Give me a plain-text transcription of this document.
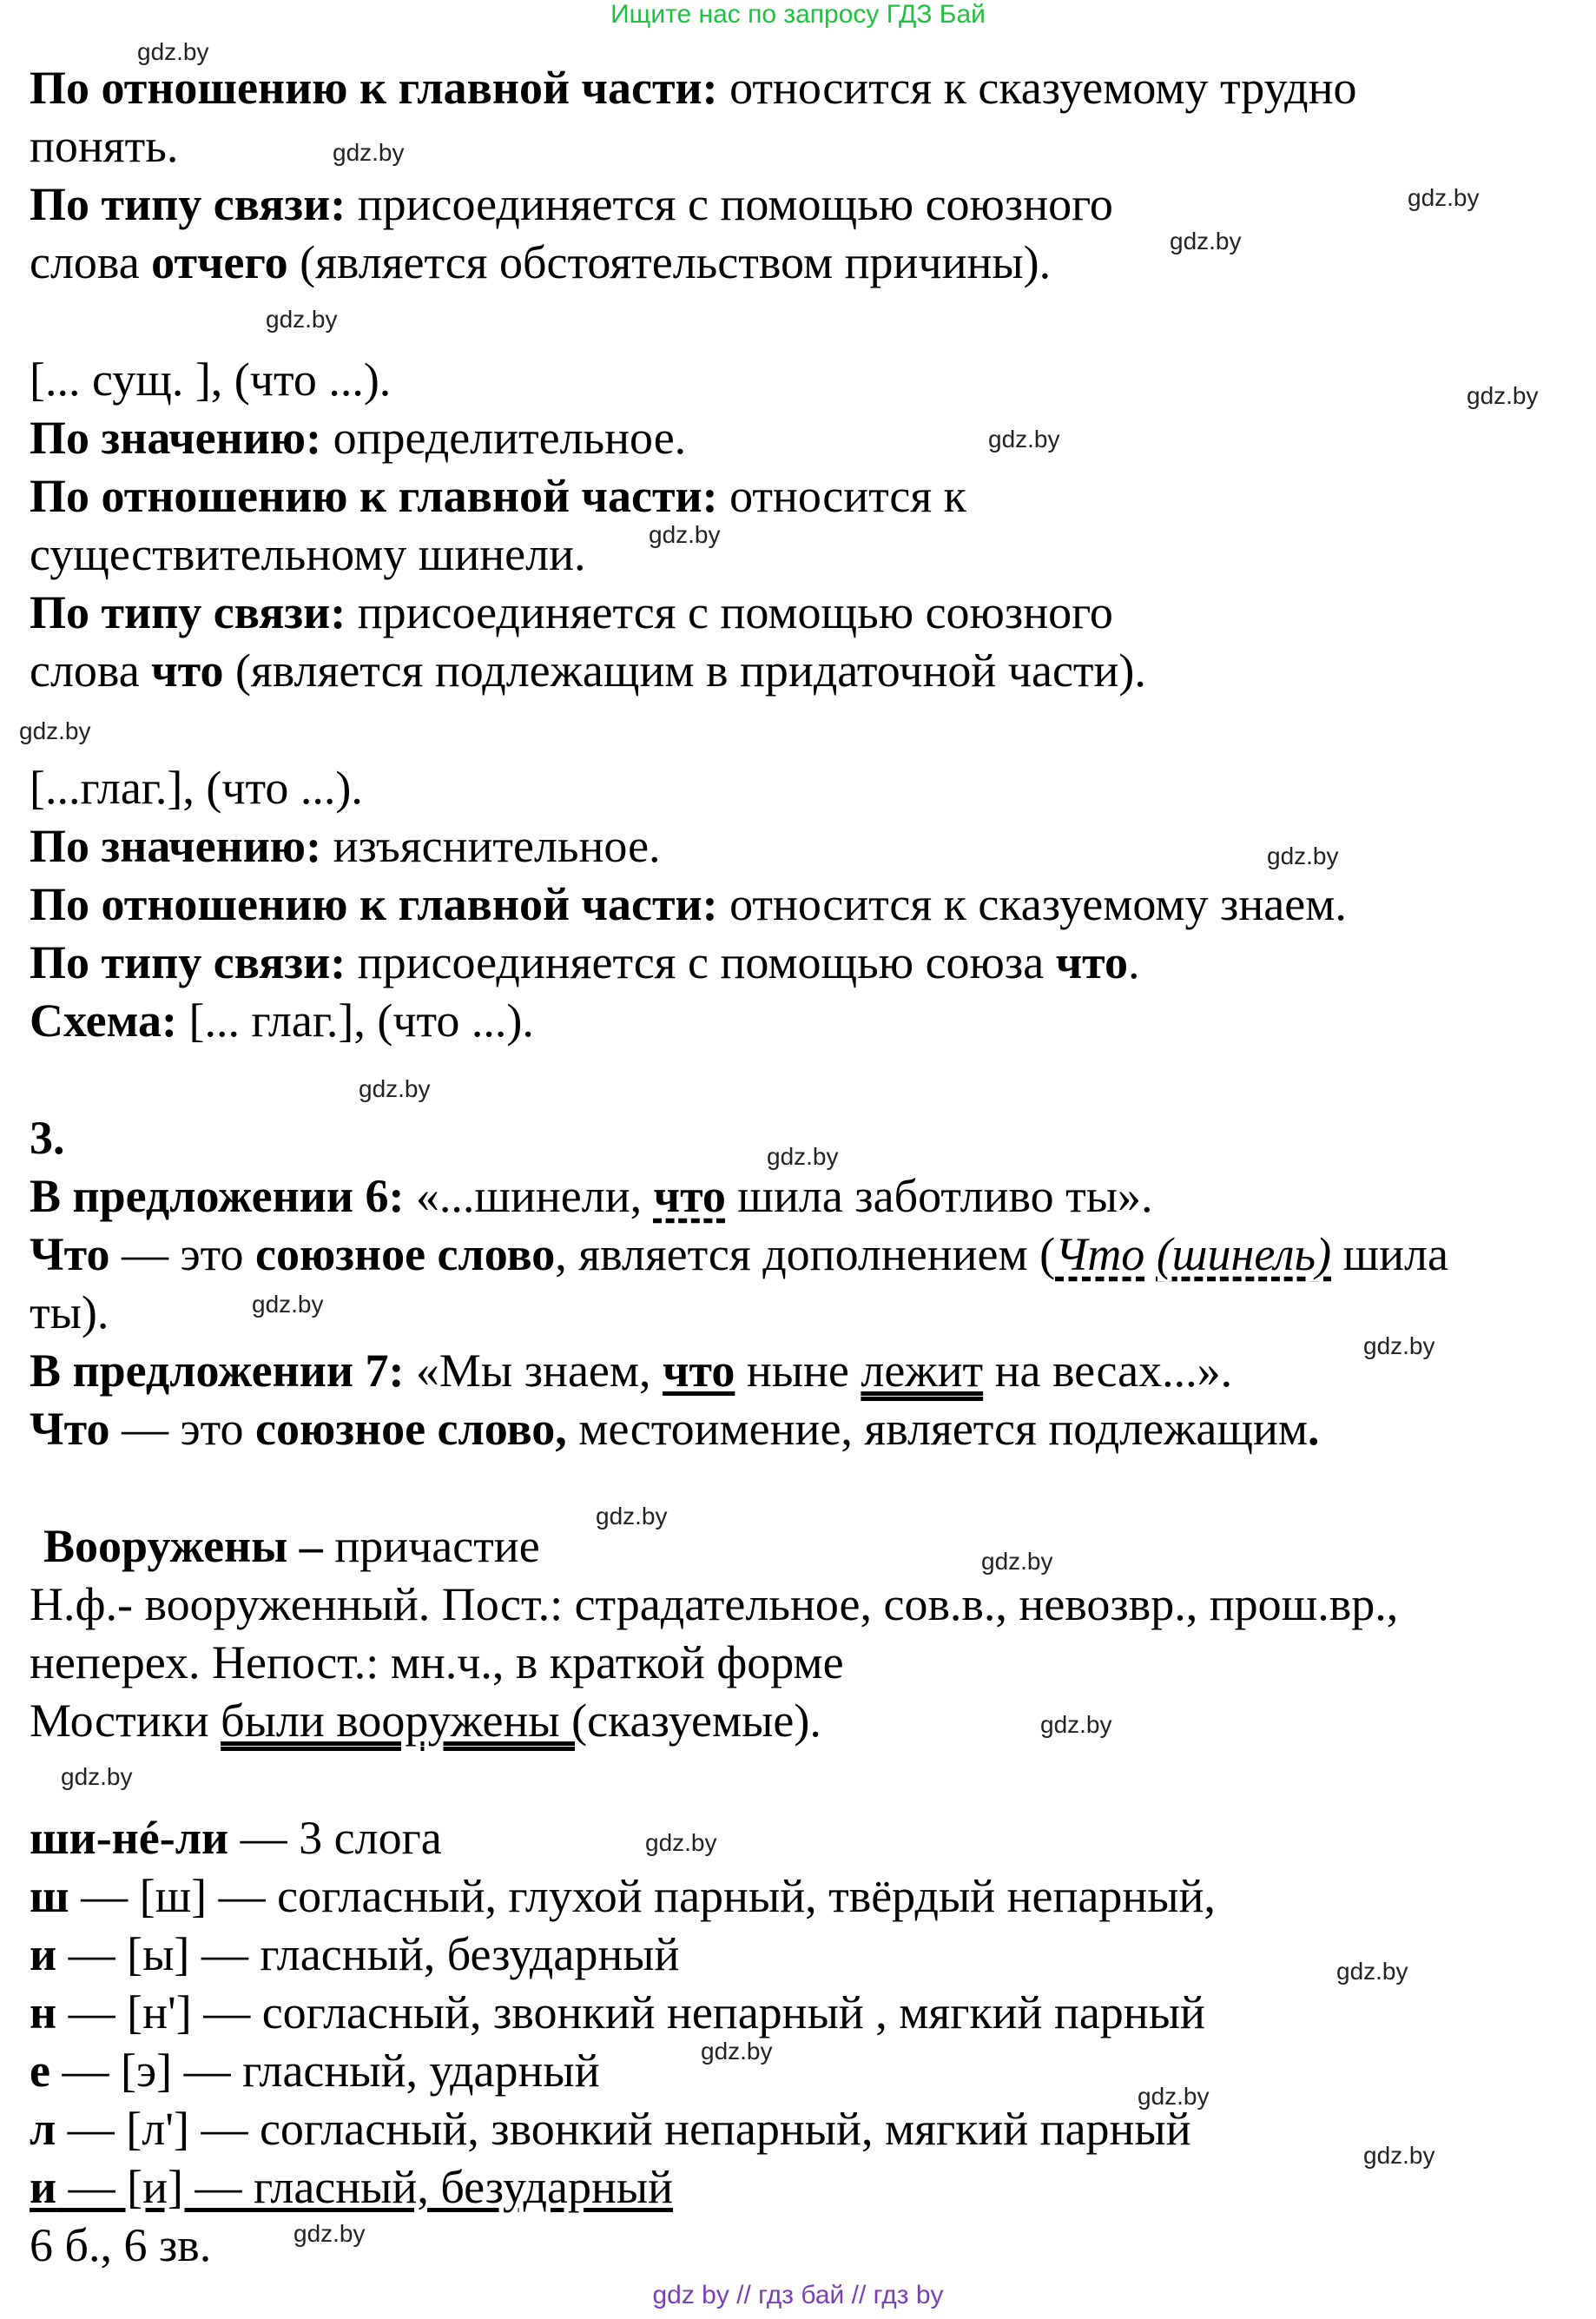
Ищите нас по запросу ГДЗ Бай
gdz.by
gdz.by
gdz.by
gdz.by
gdz.by
gdz.by
gdz.by
gdz.by
gdz.by
gdz.by
gdz.by
gdz.by
gdz.by
gdz.by
gdz.by
gdz.by
gdz.by
gdz.by
gdz.by
gdz.by
gdz.by
gdz.by
gdz.by
gdz.by
По отношению к главной части: относится к сказуемому трудно
понять.
По типу связи: присоединяется с помощью союзного
слова отчего (является обстоятельством причины).
[... сущ. ], (что ...).
По значению: определительное.
По отношению к главной части: относится к
существительному шинели.
По типу связи: присоединяется с помощью союзного
слова что (является подлежащим в придаточной части).
[...глаг.], (что ...).
По значению: изъяснительное.
По отношению к главной части: относится к сказуемому знаем.
По типу связи: присоединяется с помощью союза что.
Схема: [... глаг.], (что ...).
3.
В предложении 6: «...шинели, что шила заботливо ты».
Что — это союзное слово, является дополнением (Что (шинель) шила
ты).
В предложении 7: «Мы знаем, что ныне лежит на весах...».
Что — это союзное слово, местоимение, является подлежащим.
Вооружены – причастие
Н.ф.- вооруженный. Пост.: страдательное, сов.в., невозвр., прош.вр.,
неперех. Непост.: мн.ч., в краткой форме
Мостики были вооружены (сказуемые).
ши-нé-ли — 3 слога
ш — [ш] — согласный, глухой парный, твёрдый непарный,
и — [ы] — гласный, безударный
н — [н'] — согласный, звонкий непарный , мягкий парный
е — [э] — гласный, ударный
л — [л'] — согласный, звонкий непарный, мягкий парный
и — [и] — гласный, безударный
6 б., 6 зв.
gdz by // гдз бай // гдз by
